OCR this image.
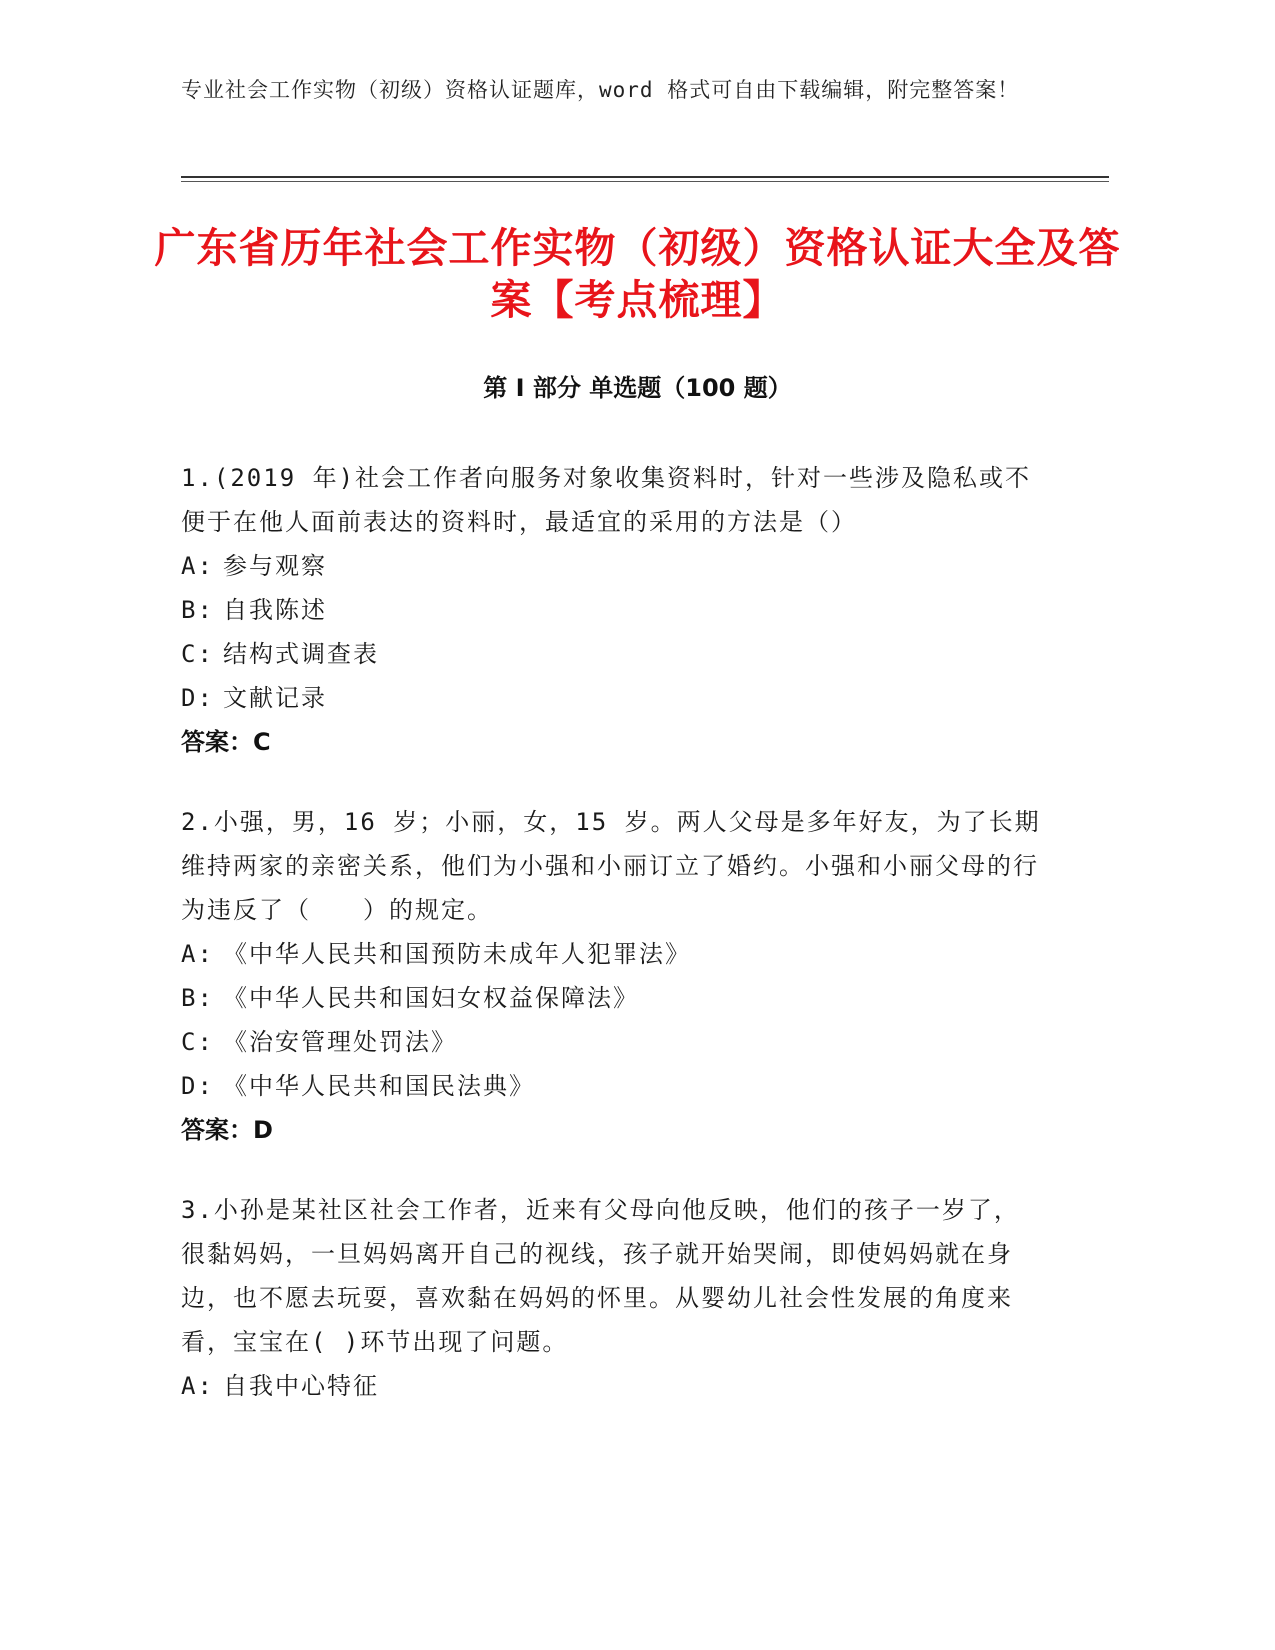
专业社会工作实物（初级）资格认证题库，word 格式可自由下载编辑，附完整答案！
广东省历年社会工作实物（初级）资格认证大全及答案【考点梳理】
第 I 部分 单选题（100 题）
1.(2019 年)社会工作者向服务对象收集资料时，针对一些涉及隐私或不便于在他人面前表达的资料时，最适宜的采用的方法是（）
A: 参与观察
B: 自我陈述
C: 结构式调查表
D: 文献记录
答案：C
2.小强，男，16 岁；小丽，女，15 岁。两人父母是多年好友，为了长期维持两家的亲密关系，他们为小强和小丽订立了婚约。小强和小丽父母的行为违反了（　　）的规定。
A: 《中华人民共和国预防未成年人犯罪法》
B: 《中华人民共和国妇女权益保障法》
C: 《治安管理处罚法》
D: 《中华人民共和国民法典》
答案：D
3.小孙是某社区社会工作者，近来有父母向他反映，他们的孩子一岁了，很黏妈妈，一旦妈妈离开自己的视线，孩子就开始哭闹，即使妈妈就在身边，也不愿去玩耍，喜欢黏在妈妈的怀里。从婴幼儿社会性发展的角度来看，宝宝在( )环节出现了问题。
A: 自我中心特征
